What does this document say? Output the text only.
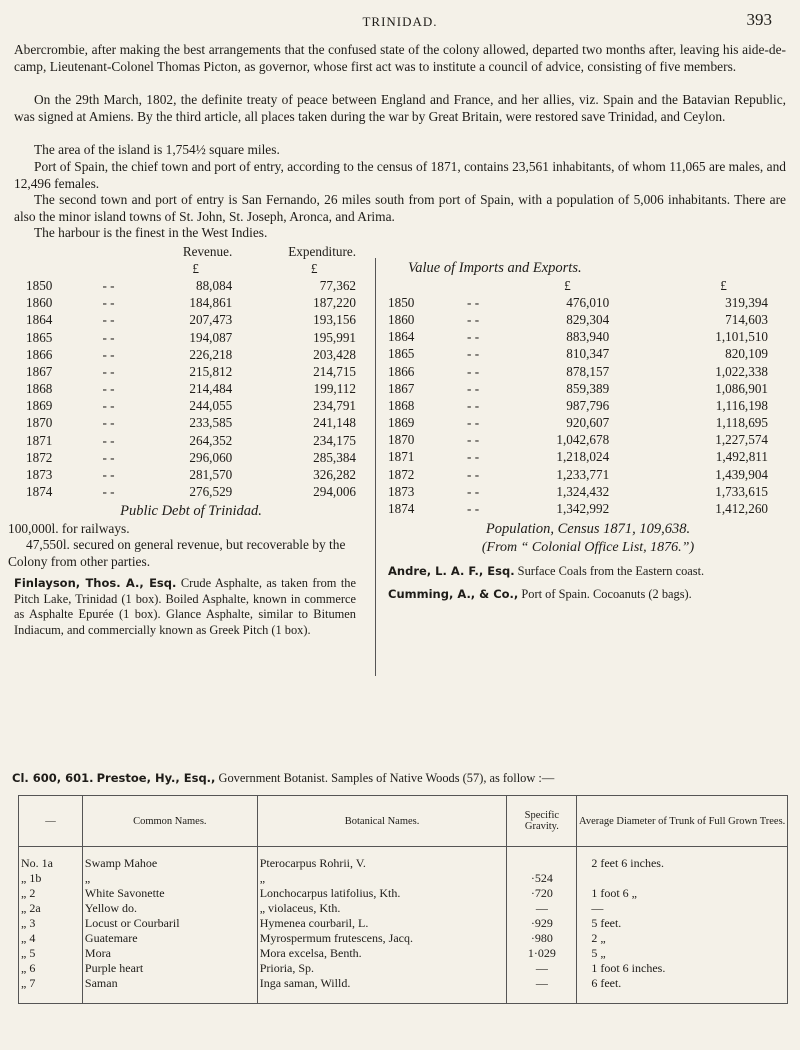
TRINIDAD.	393

Abercrombie, after making the best arrangements that the confused state of the colony allowed, departed two months after, leaving his aide-de-camp, Lieutenant-Colonel Thomas Picton, as governor, whose first act was to institute a council of advice, consisting of five members.

On the 29th March, 1802, the definite treaty of peace between England and France, and her allies, viz. Spain and the Batavian Republic, was signed at Amiens. By the third article, all places taken during the war by Great Britain, were restored save Trinidad, and Ceylon.

The area of the island is 1,754½ square miles.

Port of Spain, the chief town and port of entry, according to the census of 1871, contains 23,561 inhabitants, of whom 11,065 are males, and 12,496 females.

The second town and port of entry is San Fernando, 26 miles south from port of Spain, with a population of 5,006 inhabitants. There are also the minor island towns of St. John, St. Joseph, Aronca, and Arima.

The harbour is the finest in the West Indies.

		Revenue.	Expenditure.
		£	£
1850	- -	88,084	77,362
1860	- -	184,861	187,220
1864	- -	207,473	193,156
1865	- -	194,087	195,991
1866	- -	226,218	203,428
1867	- -	215,812	214,715
1868	- -	214,484	199,112
1869	- -	244,055	234,791
1870	- -	233,585	241,148
1871	- -	264,352	234,175
1872	- -	296,060	285,384
1873	- -	281,570	326,282
1874	- -	276,529	294,006
Public Debt of Trinidad.
100,000l. for railways.
47,550l. secured on general revenue, but recoverable by the Colony from other parties.

Finlayson, Thos. A., Esq. Crude Asphalte, as taken from the Pitch Lake, Trinidad (1 box). Boiled Asphalte, known in commerce as Asphalte Epurée (1 box). Glance Asphalte, similar to Bitumen Indiacum, and commercially known as Greek Pitch (1 box).

Value of Imports and Exports.
		£	£
1850	- -	476,010	319,394
1860	- -	829,304	714,603
1864	- -	883,940	1,101,510
1865	- -	810,347	820,109
1866	- -	878,157	1,022,338
1867	- -	859,389	1,086,901
1868	- -	987,796	1,116,198
1869	- -	920,607	1,118,695
1870	- -	1,042,678	1,227,574
1871	- -	1,218,024	1,492,811
1872	- -	1,233,771	1,439,904
1873	- -	1,324,432	1,733,615
1874	- -	1,342,992	1,412,260
Population, Census 1871, 109,638.
(From “ Colonial Office List, 1876.”)

Andre, L. A. F., Esq. Surface Coals from the Eastern coast.

Cumming, A., & Co., Port of Spain. Cocoanuts (2 bags).

Cl. 600, 601. Prestoe, Hy., Esq., Government Botanist. Samples of Native Woods (57), as follow :—

—	Common Names.	Botanical Names.	Specific Gravity.	Average Diameter of Trunk of Full Grown Trees.
No. 1a	Swamp Mahoe	Pterocarpus Rohrii, V.		2 feet 6 inches.
„ 1b	„	„	·524	
„ 2	White Savonette	Lonchocarpus latifolius, Kth.	·720	1 foot 6 „
„ 2a	Yellow do.	„ violaceus, Kth.	—	—
„ 3	Locust or Courbaril	Hymenea courbaril, L.	·929	5 feet.
„ 4	Guatemare	Myrospermum frutescens, Jacq.	·980	2 „
„ 5	Mora	Mora excelsa, Benth.	1·029	5 „
„ 6	Purple heart	Prioria, Sp.	—	1 foot 6 inches.
„ 7	Saman	Inga saman, Willd.	—	6 feet.
